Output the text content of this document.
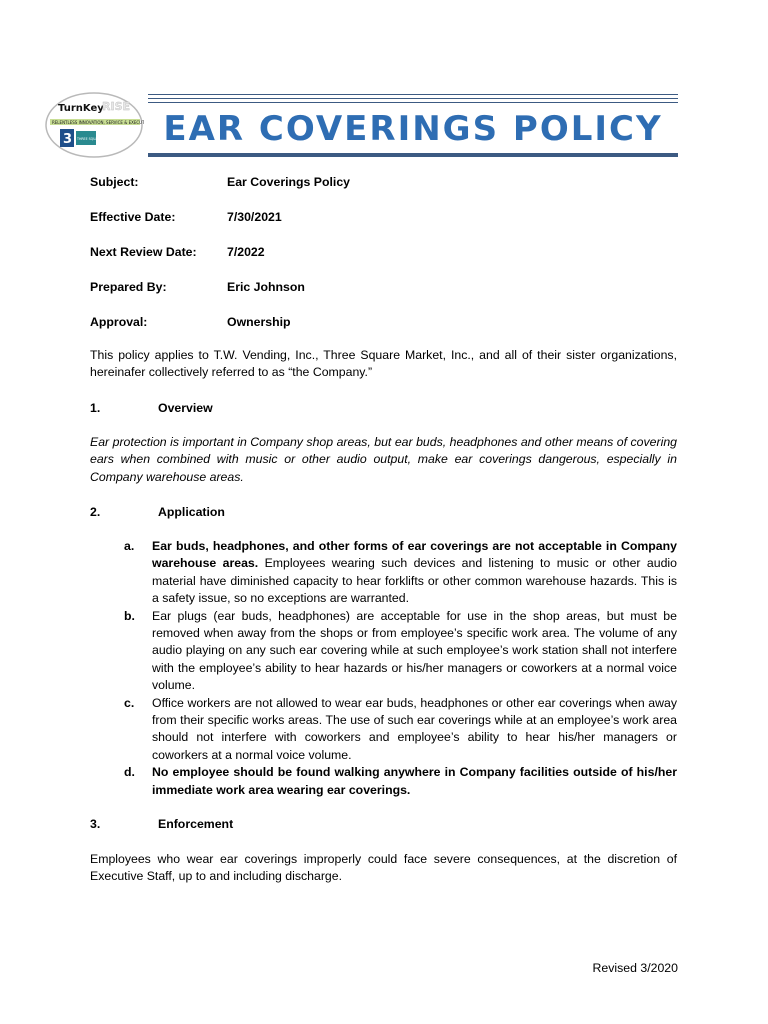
TurnKey
RISE
RELENTLESS INNOVATION, SERVICE & EXECUTION
3	THREE SQUARE MARKET	EAR COVERINGS POLICY
Subject:	Ear Coverings Policy
Effective Date:	7/30/2021
Next Review Date:	7/2022
Prepared By:	Eric Johnson
Approval:	Ownership

This policy applies to T.W. Vending, Inc., Three Square Market, Inc., and all of their sister organizations, hereinafer collectively referred to as “the Company.”

1.	Overview

Ear protection is important in Company shop areas, but ear buds, headphones and other means of covering ears when combined with music or other audio output, make ear coverings dangerous, especially in Company warehouse areas.

2.	Application
a.	Ear buds, headphones, and other forms of ear coverings are not acceptable in Company warehouse areas. Employees wearing such devices and listening to music or other audio material have diminished capacity to hear forklifts or other common warehouse hazards. This is a safety issue, so no exceptions are warranted.
b.	Ear plugs (ear buds, headphones) are acceptable for use in the shop areas, but must be removed when away from the shops or from employee’s specific work area. The volume of any audio playing on any such ear covering while at such employee’s work station shall not interfere with the employee’s ability to hear hazards or his/her managers or coworkers at a normal voice volume.
c.	Office workers are not allowed to wear ear buds, headphones or other ear coverings when away from their specific works areas. The use of such ear coverings while at an employee’s work area should not interfere with coworkers and employee’s ability to hear his/her managers or coworkers at a normal voice volume.
d.	No employee should be found walking anywhere in Company facilities outside of his/her immediate work area wearing ear coverings.
3.	Enforcement

Employees who wear ear coverings improperly could face severe consequences, at the discretion of Executive Staff, up to and including discharge.

Revised 3/2020
